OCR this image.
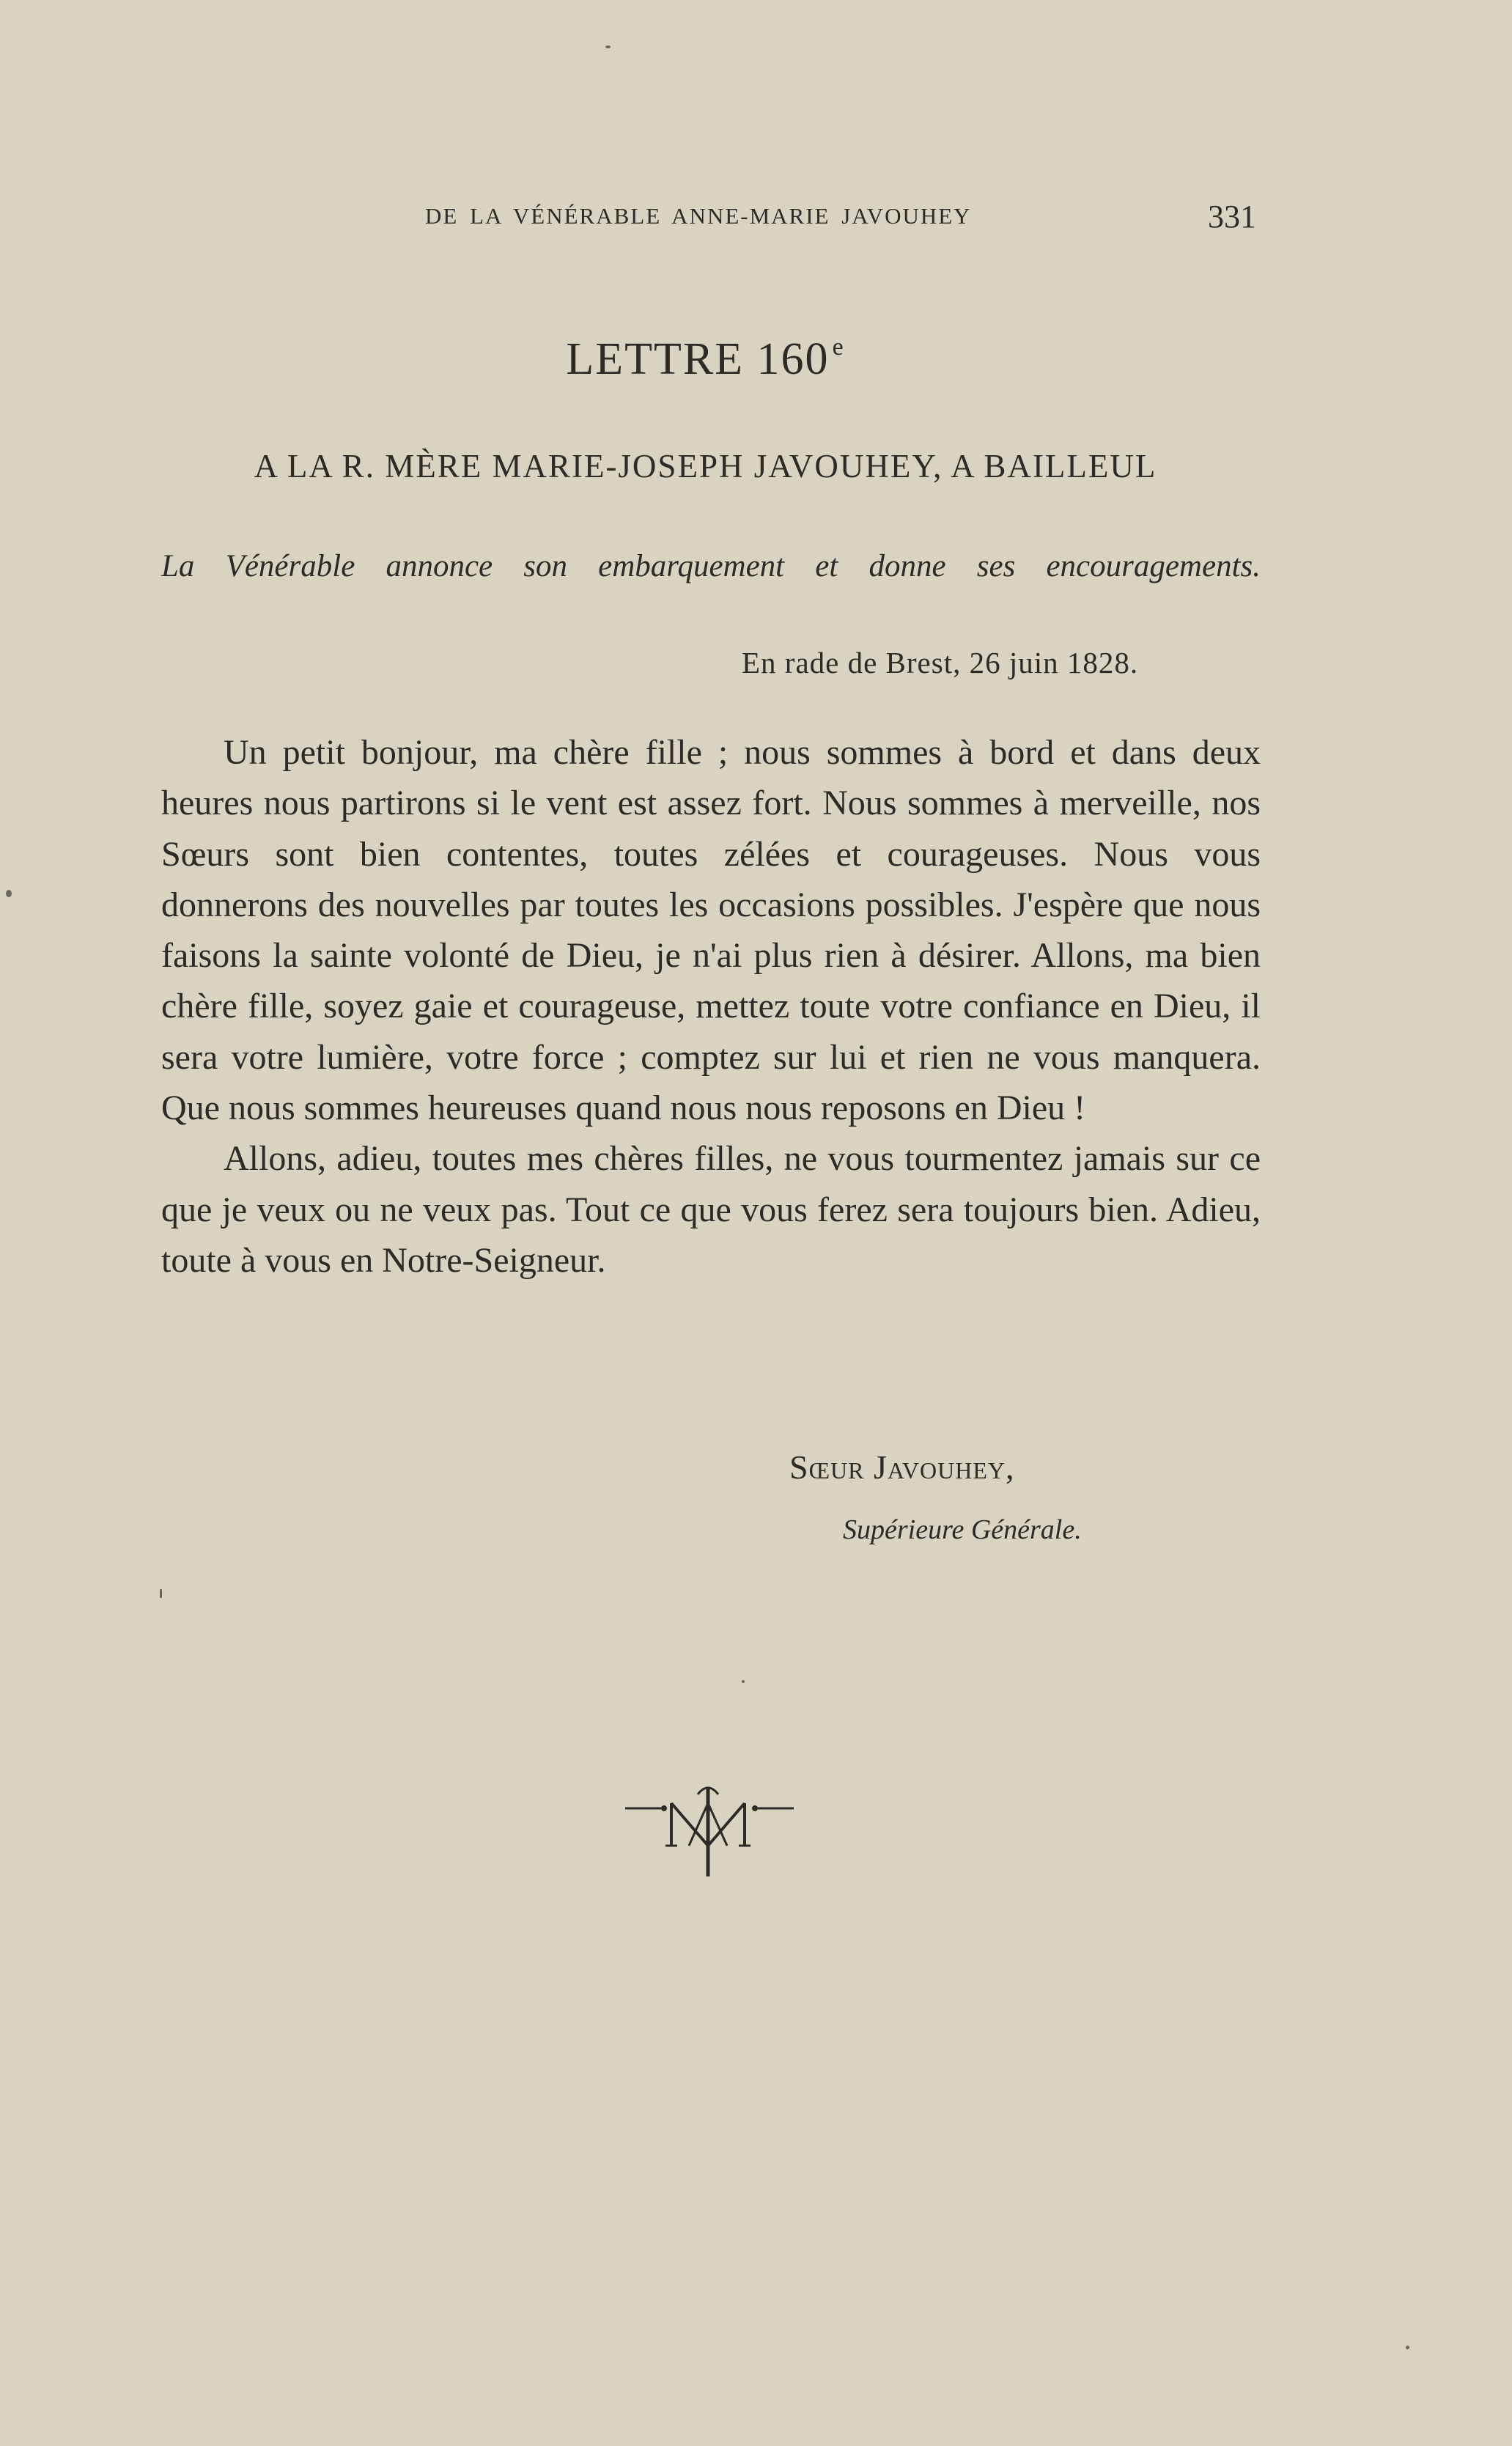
DE LA VÉNÉRABLE ANNE-MARIE JAVOUHEY	331
LETTRE 160 $^e$
A LA R. MÈRE MARIE-JOSEPH JAVOUHEY, A BAILLEUL
La Vénérable annonce son embarquement et donne ses encouragements.
En rade de Brest, 26 juin 1828.

Un petit bonjour, ma chère fille ; nous sommes à bord et dans deux heures nous partirons si le vent est assez fort. Nous sommes à merveille, nos Sœurs sont bien contentes, toutes zélées et courageuses. Nous vous donnerons des nouvelles par toutes les occasions possibles. J'espère que nous faisons la sainte volonté de Dieu, je n'ai plus rien à désirer. Allons, ma bien chère fille, soyez gaie et courageuse, mettez toute votre confiance en Dieu, il sera votre lumière, votre force ; comptez sur lui et rien ne vous manquera. Que nous sommes heureuses quand nous nous reposons en Dieu !

Allons, adieu, toutes mes chères filles, ne vous tourmentez jamais sur ce que je veux ou ne veux pas. Tout ce que vous ferez sera toujours bien. Adieu, toute à vous en Notre-Seigneur.

Sœur Javouhey,
Supérieure Générale.
